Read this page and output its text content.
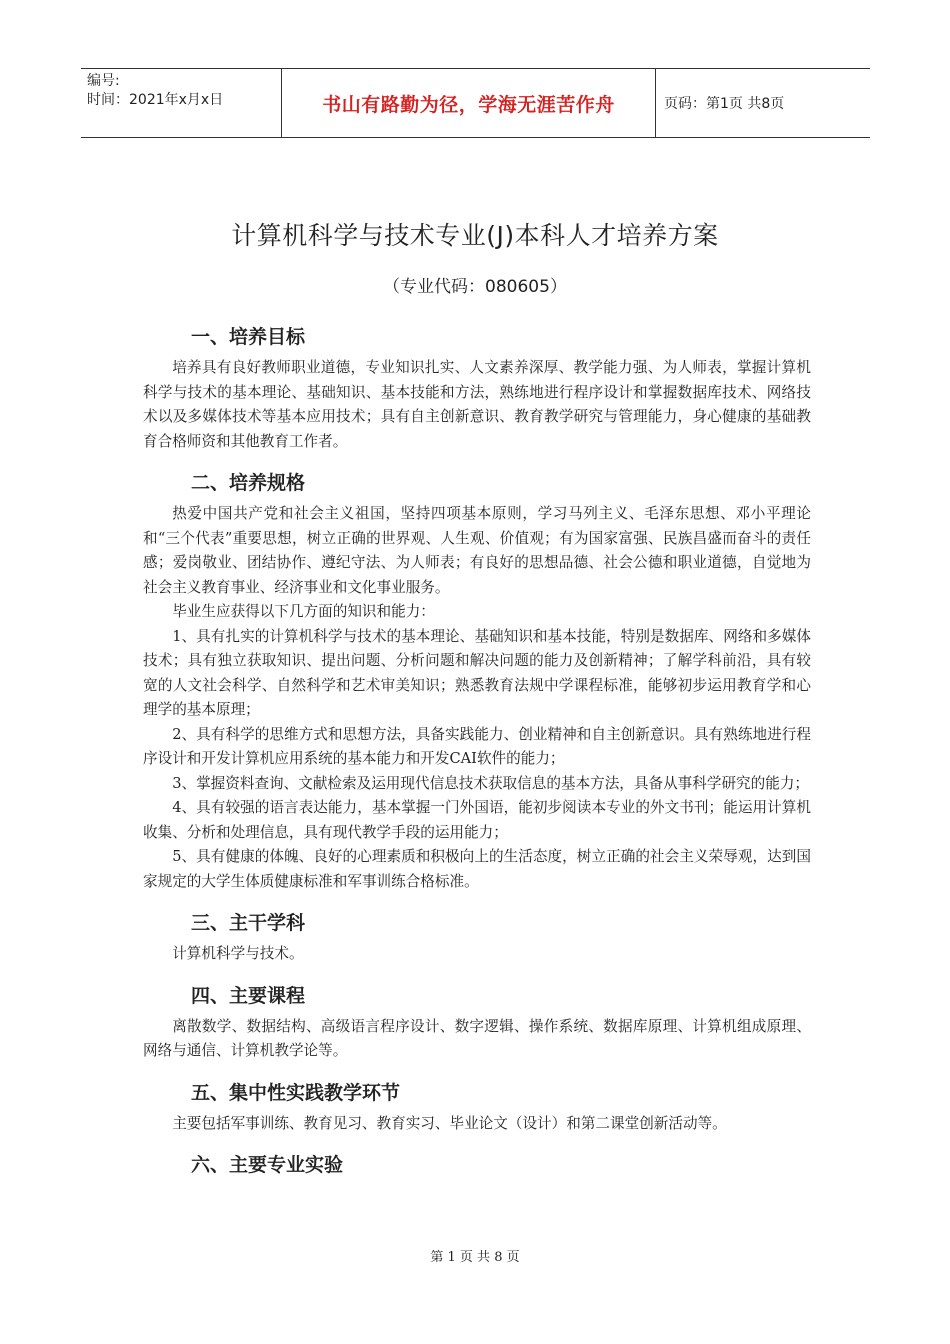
编号:
时间：2021年x月x日	书山有路勤为径，学海无涯苦作舟	页码：第1页 共8页
计算机科学与技术专业(J)本科人才培养方案
（专业代码：080605）
一、培养目标

培养具有良好教师职业道德，专业知识扎实、人文素养深厚、教学能力强、为人师表，掌握计算机科学与技术的基本理论、基础知识、基本技能和方法，熟练地进行程序设计和掌握数据库技术、网络技术以及多媒体技术等基本应用技术；具有自主创新意识、教育教学研究与管理能力，身心健康的基础教育合格师资和其他教育工作者。

二、培养规格

热爱中国共产党和社会主义祖国，坚持四项基本原则，学习马列主义、毛泽东思想、邓小平理论和“三个代表”重要思想，树立正确的世界观、人生观、价值观；有为国家富强、民族昌盛而奋斗的责任感；爱岗敬业、团结协作、遵纪守法、为人师表；有良好的思想品德、社会公德和职业道德，自觉地为社会主义教育事业、经济事业和文化事业服务。

毕业生应获得以下几方面的知识和能力：

1、具有扎实的计算机科学与技术的基本理论、基础知识和基本技能，特别是数据库、网络和多媒体技术；具有独立获取知识、提出问题、分析问题和解决问题的能力及创新精神；了解学科前沿，具有较宽的人文社会科学、自然科学和艺术审美知识；熟悉教育法规中学课程标准，能够初步运用教育学和心理学的基本原理；

2、具有科学的思维方式和思想方法，具备实践能力、创业精神和自主创新意识。具有熟练地进行程序设计和开发计算机应用系统的基本能力和开发CAI软件的能力；

3、掌握资料查询、文献检索及运用现代信息技术获取信息的基本方法，具备从事科学研究的能力；

4、具有较强的语言表达能力，基本掌握一门外国语，能初步阅读本专业的外文书刊；能运用计算机收集、分析和处理信息，具有现代教学手段的运用能力；

5、具有健康的体魄、良好的心理素质和积极向上的生活态度，树立正确的社会主义荣辱观，达到国家规定的大学生体质健康标准和军事训练合格标准。

三、主干学科

计算机科学与技术。

四、主要课程

离散数学、数据结构、高级语言程序设计、数字逻辑、操作系统、数据库原理、计算机组成原理、网络与通信、计算机教学论等。

五、集中性实践教学环节

主要包括军事训练、教育见习、教育实习、毕业论文（设计）和第二课堂创新活动等。

六、主要专业实验
第 1 页 共 8 页
